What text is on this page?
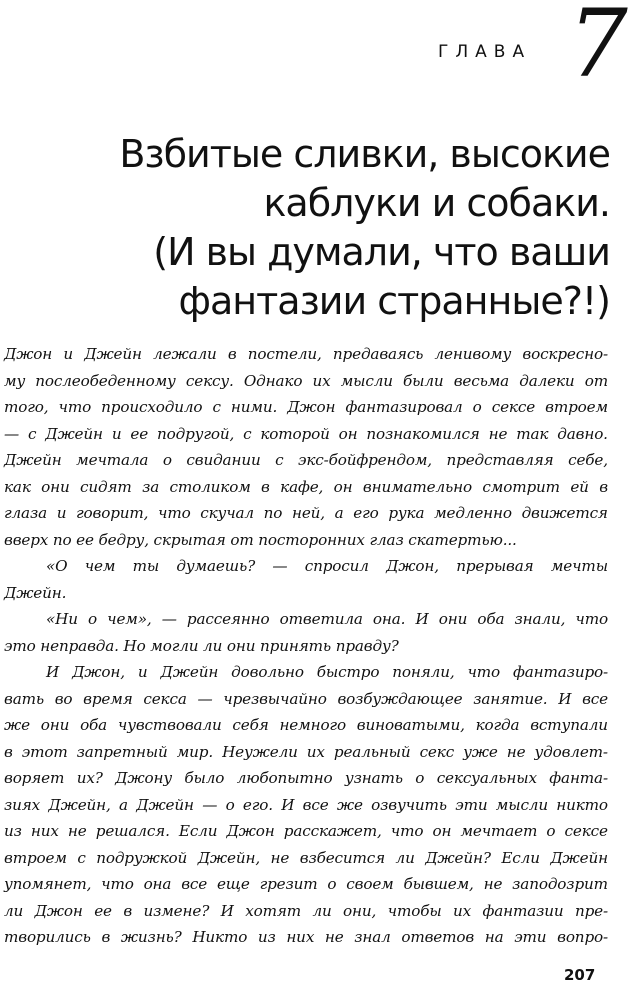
ГЛАВА 7
Взбитые сливки, высокие
каблуки и собаки.
(И вы думали, что ваши
фантазии странные?!)
Джон и Джейн лежали в постели, предаваясь ленивому воскресно-
му послеобеденному сексу. Однако их мысли были весьма далеки от
того, что происходило с ними. Джон фантазировал о сексе втроем
— с Джейн и ее подругой, с которой он познакомился не так давно.
Джейн мечтала о свидании с экс-бойфрендом, представляя себе,
как они сидят за столиком в кафе, он внимательно смотрит ей в
глаза и говорит, что скучал по ней, а его рука медленно движется
вверх по ее бедру, скрытая от посторонних глаз скатертью...
«О чем ты думаешь? — спросил Джон, прерывая мечты
Джейн.
«Ни о чем», — рассеянно ответила она. И они оба знали, что
это неправда. Но могли ли они принять правду?
И Джон, и Джейн довольно быстро поняли, что фантазиро-
вать во время секса — чрезвычайно возбуждающее занятие. И все
же они оба чувствовали себя немного виноватыми, когда вступали
в этот запретный мир. Неужели их реальный секс уже не удовлет-
воряет их? Джону было любопытно узнать о сексуальных фанта-
зиях Джейн, а Джейн — о его. И все же озвучить эти мысли никто
из них не решался. Если Джон расскажет, что он мечтает о сексе
втроем с подружкой Джейн, не взбесится ли Джейн? Если Джейн
упомянет, что она все еще грезит о своем бывшем, не заподозрит
ли Джон ее в измене? И хотят ли они, чтобы их фантазии пре-
творились в жизнь? Никто из них не знал ответов на эти вопро-
207
